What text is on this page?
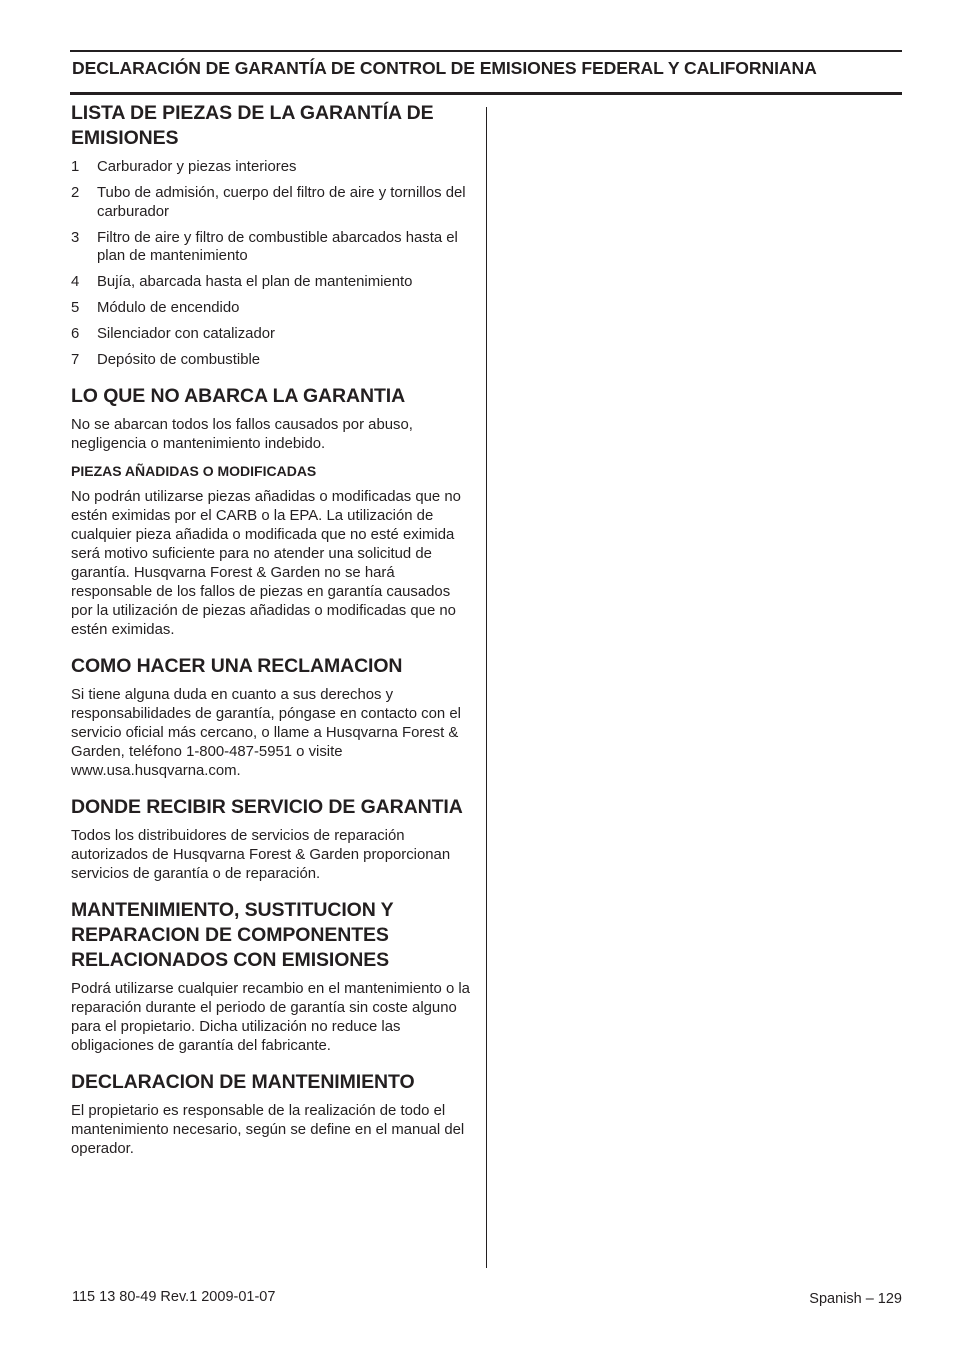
DECLARACIÓN DE GARANTÍA DE CONTROL DE EMISIONES FEDERAL Y CALIFORNIANA
LISTA DE PIEZAS DE LA GARANTÍA DE EMISIONES
1 Carburador y piezas interiores
2 Tubo de admisión, cuerpo del filtro de aire y tornillos del carburador
3 Filtro de aire y filtro de combustible abarcados hasta el plan de mantenimiento
4 Bujía, abarcada hasta el plan de mantenimiento
5 Módulo de encendido
6 Silenciador con catalizador
7 Depósito de combustible
LO QUE NO ABARCA LA GARANTIA

No se abarcan todos los fallos causados por abuso, negligencia o mantenimiento indebido.

PIEZAS AÑADIDAS O MODIFICADAS

No podrán utilizarse piezas añadidas o modificadas que no estén eximidas por el CARB o la EPA. La utilización de cualquier pieza añadida o modificada que no esté eximida será motivo suficiente para no atender una solicitud de garantía. Husqvarna Forest & Garden no se hará responsable de los fallos de piezas en garantía causados por la utilización de piezas añadidas o modificadas que no estén eximidas.

COMO HACER UNA RECLAMACION

Si tiene alguna duda en cuanto a sus derechos y responsabilidades de garantía, póngase en contacto con el servicio oficial más cercano, o llame a Husqvarna Forest & Garden, teléfono 1-800-487-5951 o visite www.usa.husqvarna.com.

DONDE RECIBIR SERVICIO DE GARANTIA

Todos los distribuidores de servicios de reparación autorizados de Husqvarna Forest & Garden proporcionan servicios de garantía o de reparación.

MANTENIMIENTO, SUSTITUCION Y REPARACION DE COMPONENTES RELACIONADOS CON EMISIONES

Podrá utilizarse cualquier recambio en el mantenimiento o la reparación durante el periodo de garantía sin coste alguno para el propietario. Dicha utilización no reduce las obligaciones de garantía del fabricante.

DECLARACION DE MANTENIMIENTO

El propietario es responsable de la realización de todo el mantenimiento necesario, según se define en el manual del operador.

115 13 80-49 Rev.1 2009-01-07	Spanish – 129
